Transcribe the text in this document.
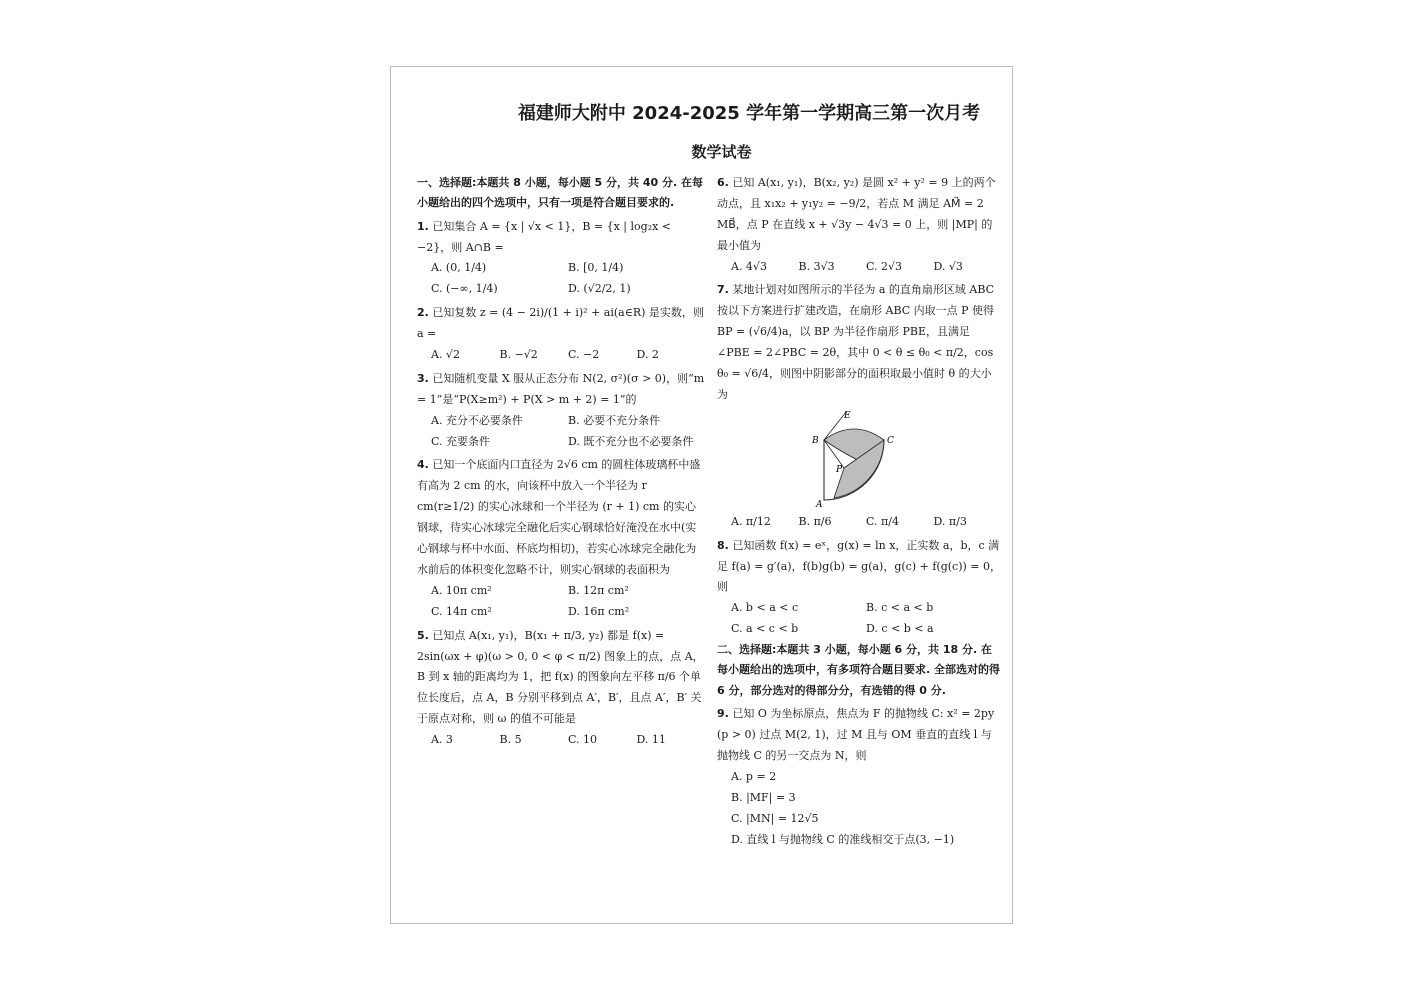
福建师大附中 2024-2025 学年第一学期高三第一次月考
数学试卷
一、选择题:本题共 8 小题，每小题 5 分，共 40 分. 在每小题给出的四个选项中，只有一项是符合题目要求的.
1. 已知集合 A = {x | √x < 1}，B = {x | log₂x < −2}，则 A∩B =
A. (0, 1/4)	B. [0, 1/4)
C. (−∞, 1/4)	D. (√2/2, 1)
2. 已知复数 z = (4 − 2i)/(1 + i)² + ai(a∈R) 是实数，则 a =
A. √2	B. −√2	C. −2	D. 2
3. 已知随机变量 X 服从正态分布 N(2, σ²)(σ > 0)，则“m = 1”是“P(X≥m²) + P(X > m + 2) = 1”的
A. 充分不必要条件	B. 必要不充分条件
C. 充要条件	D. 既不充分也不必要条件
4. 已知一个底面内口直径为 2√6 cm 的圆柱体玻璃杯中盛有高为 2 cm 的水，向该杯中放入一个半径为 r cm(r≥1/2) 的实心冰球和一个半径为 (r + 1) cm 的实心钢球，待实心冰球完全融化后实心钢球恰好淹没在水中(实心钢球与杯中水面、杯底均相切)，若实心冰球完全融化为水前后的体积变化忽略不计，则实心钢球的表面积为
A. 10π cm²	B. 12π cm²
C. 14π cm²	D. 16π cm²
5. 已知点 A(x₁, y₁)，B(x₁ + π/3, y₂) 都是 f(x) = 2sin(ωx + φ)(ω > 0, 0 < φ < π/2) 图象上的点，点 A，B 到 x 轴的距离均为 1，把 f(x) 的图象向左平移 π/6 个单位长度后，点 A，B 分别平移到点 A′，B′，且点 A′，B′ 关于原点对称，则 ω 的值不可能是
A. 3	B. 5	C. 10	D. 11
6. 已知 A(x₁, y₁)，B(x₂, y₂) 是圆 x² + y² = 9 上的两个动点，且 x₁x₂ + y₁y₂ = −9/2，若点 M 满足 AM⃗ = 2 MB⃗，点 P 在直线 x + √3y − 4√3 = 0 上，则 |MP| 的最小值为
A. 4√3	B. 3√3	C. 2√3	D. √3
7. 某地计划对如图所示的半径为 a 的直角扇形区域 ABC 按以下方案进行扩建改造，在扇形 ABC 内取一点 P 使得 BP = (√6/4)a，以 BP 为半径作扇形 PBE，且满足 ∠PBE = 2∠PBC = 2θ，其中 0 < θ ≤ θ₀ < π/2，cos θ₀ = √6/4，则图中阴影部分的面积取最小值时 θ 的大小为
E
B	C
P
A
A. π/12	B. π/6	C. π/4	D. π/3
8. 已知函数 f(x) = eˣ，g(x) = ln x，正实数 a，b，c 满足 f(a) = g′(a)，f(b)g(b) = g(a)，g(c) + f(g(c)) = 0，则
A. b < a < c	B. c < a < b
C. a < c < b	D. c < b < a
二、选择题:本题共 3 小题，每小题 6 分，共 18 分. 在每小题给出的选项中，有多项符合题目要求. 全部选对的得 6 分，部分选对的得部分分，有选错的得 0 分.
9. 已知 O 为坐标原点，焦点为 F 的抛物线 C: x² = 2py (p > 0) 过点 M(2, 1)，过 M 且与 OM 垂直的直线 l 与抛物线 C 的另一交点为 N，则
A. p = 2
B. |MF| = 3
C. |MN| = 12√5
D. 直线 l 与抛物线 C 的准线相交于点(3, −1)
